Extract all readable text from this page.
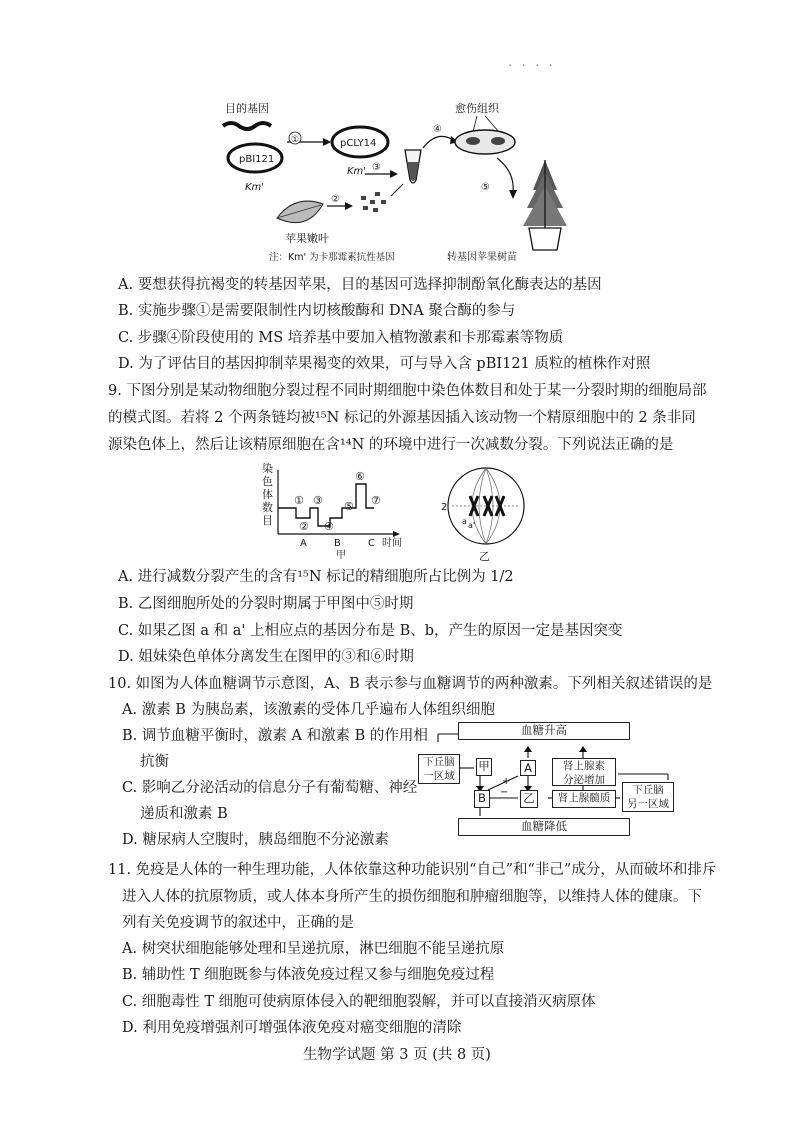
. . . .
目的基因
pBI121
Km'
①	pCLY14
Km' ③
④
愈伤组织
⑤
转基因苹果树苗
苹果嫩叶
②
注：Km' 为卡那霉素抗性基因
A. 要想获得抗褐变的转基因苹果，目的基因可选择抑制酚氧化酶表达的基因
B. 实施步骤①是需要限制性内切核酸酶和 DNA 聚合酶的参与
C. 步骤④阶段使用的 MS 培养基中要加入植物激素和卡那霉素等物质
D. 为了评估目的基因抑制苹果褐变的效果，可与导入含 pBI121 质粒的植株作对照
9. 下图分别是某动物细胞分裂过程不同时期细胞中染色体数目和处于某一分裂时期的细胞局部
的模式图。若将 2 个两条链均被¹⁵N 标记的外源基因插入该动物一个精原细胞中的 2 条非同
源染色体上，然后让该精原细胞在含¹⁴N 的环境中进行一次减数分裂。下列说法正确的是
染
色
体
数
目
①
②
③
④
⑤
⑥
⑦
A	B	C
甲
时间
2
a a'
乙
A. 进行减数分裂产生的含有¹⁵N 标记的精细胞所占比例为 1/2
B. 乙图细胞所处的分裂时期属于甲图中⑤时期
C. 如果乙图 a 和 a' 上相应点的基因分布是 B、b，产生的原因一定是基因突变
D. 姐妹染色单体分离发生在图甲的③和⑥时期
10. 如图为人体血糖调节示意图，A、B 表示参与血糖调节的两种激素。下列相关叙述错误的是
A. 激素 B 为胰岛素，该激素的受体几乎遍布人体组织细胞
B. 调节血糖平衡时，激素 A 和激素 B 的作用相
抗衡
C. 影响乙分泌活动的信息分子有葡萄糖、神经
递质和激素 B
D. 糖尿病人空腹时，胰岛细胞不分泌激素
+
−
血糖升高
下丘脑
一区域
甲	A
B	乙
肾上腺素
分泌增加
肾上腺髓质
下丘脑
另一区域
血糖降低
11. 免疫是人体的一种生理功能，人体依靠这种功能识别“自己”和“非己”成分，从而破坏和排斥
进入人体的抗原物质，或人体本身所产生的损伤细胞和肿瘤细胞等，以维持人体的健康。下
列有关免疫调节的叙述中，正确的是
A. 树突状细胞能够处理和呈递抗原，淋巴细胞不能呈递抗原
B. 辅助性 T 细胞既参与体液免疫过程又参与细胞免疫过程
C. 细胞毒性 T 细胞可使病原体侵入的靶细胞裂解，并可以直接消灭病原体
D. 利用免疫增强剂可增强体液免疫对癌变细胞的清除
生物学试题 第 3 页 (共 8 页)
